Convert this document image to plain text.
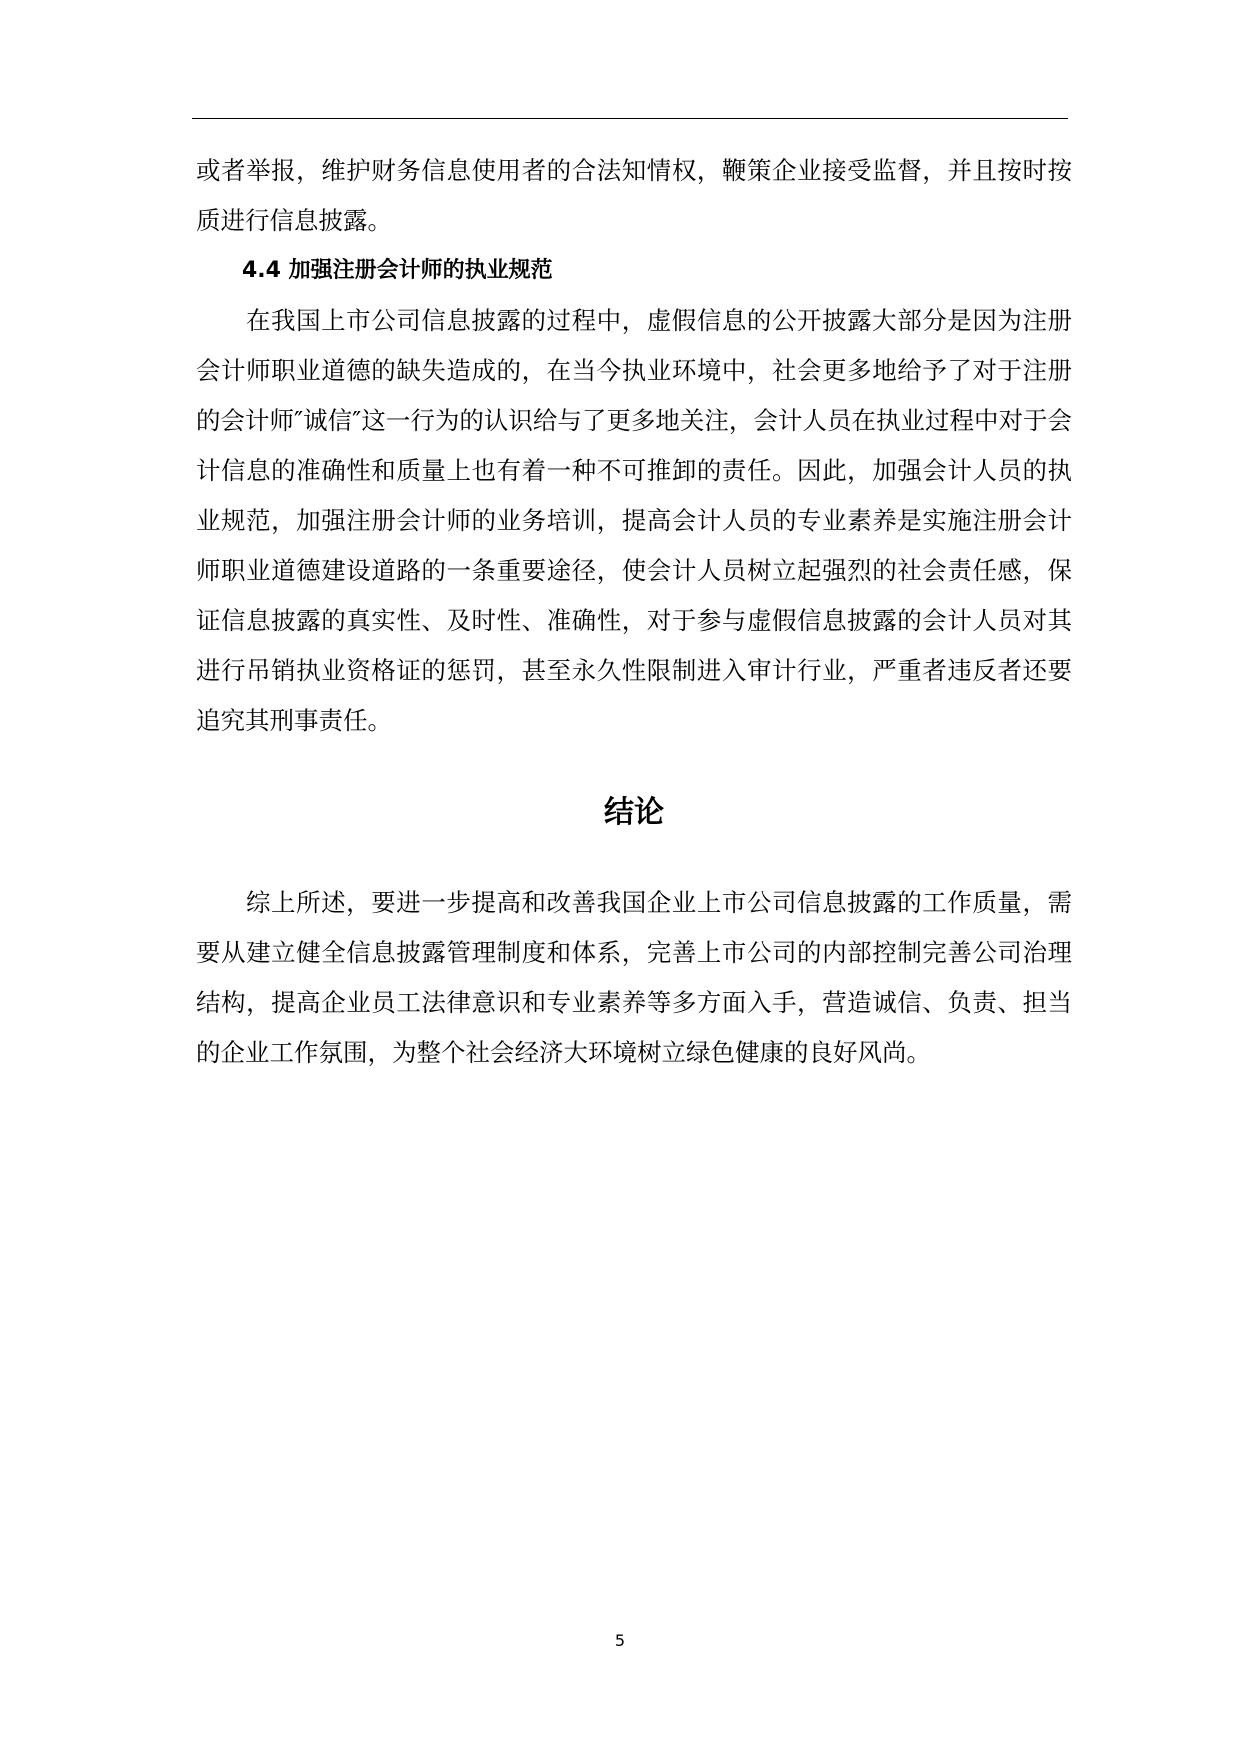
或者举报，维护财务信息使用者的合法知情权，鞭策企业接受监督，并且按时按质进行信息披露。

4.4 加强注册会计师的执业规范

在我国上市公司信息披露的过程中，虚假信息的公开披露大部分是因为注册会计师职业道德的缺失造成的，在当今执业环境中，社会更多地给予了对于注册的会计师″诚信″这一行为的认识给与了更多地关注，会计人员在执业过程中对于会计信息的准确性和质量上也有着一种不可推卸的责任。因此，加强会计人员的执业规范，加强注册会计师的业务培训，提高会计人员的专业素养是实施注册会计师职业道德建设道路的一条重要途径，使会计人员树立起强烈的社会责任感，保证信息披露的真实性、及时性、准确性，对于参与虚假信息披露的会计人员对其进行吊销执业资格证的惩罚，甚至永久性限制进入审计行业，严重者违反者还要追究其刑事责任。

结论

综上所述，要进一步提高和改善我国企业上市公司信息披露的工作质量，需要从建立健全信息披露管理制度和体系，完善上市公司的内部控制完善公司治理结构，提高企业员工法律意识和专业素养等多方面入手，营造诚信、负责、担当的企业工作氛围，为整个社会经济大环境树立绿色健康的良好风尚。

5
